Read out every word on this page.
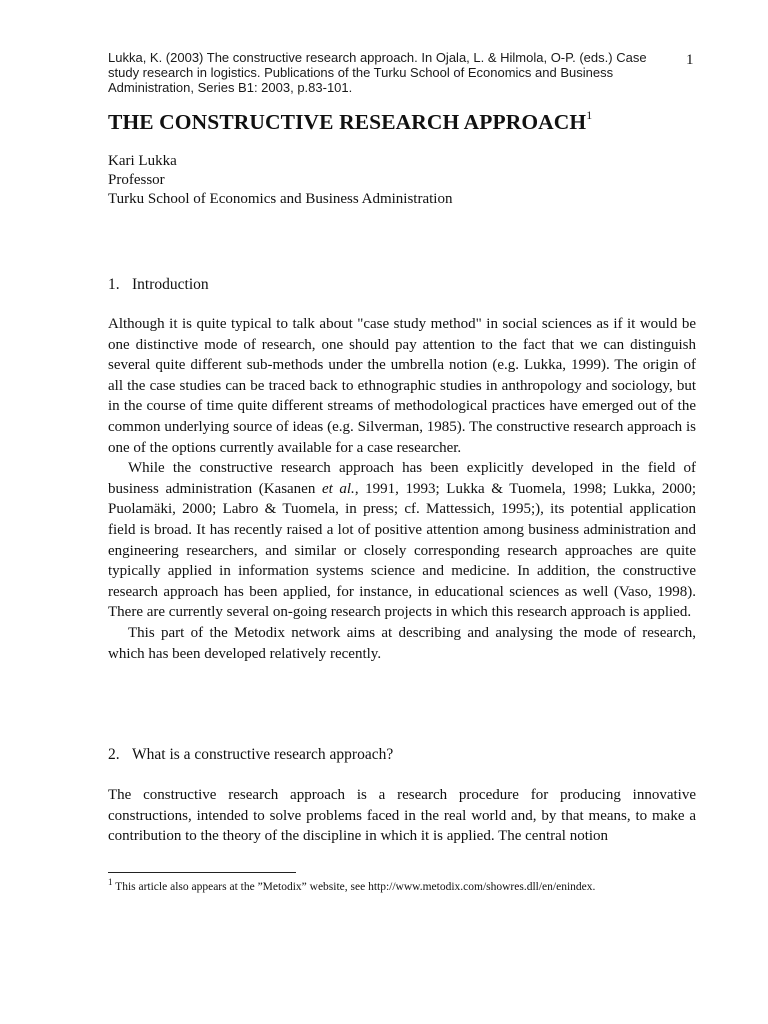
Lukka, K. (2003) The constructive research approach. In Ojala, L. & Hilmola, O-P. (eds.) Case study research in logistics. Publications of the Turku School of Economics and Business Administration, Series B1: 2003, p.83-101.
1
THE CONSTRUCTIVE RESEARCH APPROACH$^1$
Kari Lukka
Professor
Turku School of Economics and Business Administration
1. Introduction

Although it is quite typical to talk about "case study method" in social sciences as if it would be one distinctive mode of research, one should pay attention to the fact that we can distinguish several quite different sub-methods under the umbrella notion (e.g. Lukka, 1999). The origin of all the case studies can be traced back to ethnographic studies in anthropology and sociology, but in the course of time quite different streams of methodological practices have emerged out of the common underlying source of ideas (e.g. Silverman, 1985). The constructive research approach is one of the options currently available for a case researcher.

While the constructive research approach has been explicitly developed in the field of business administration (Kasanen et al., 1991, 1993; Lukka & Tuomela, 1998; Lukka, 2000; Puolamäki, 2000; Labro & Tuomela, in press; cf. Mattessich, 1995;), its potential application field is broad. It has recently raised a lot of positive attention among business administration and engineering researchers, and similar or closely corresponding research approaches are quite typically applied in information systems science and medicine. In addition, the constructive research approach has been applied, for instance, in educational sciences as well (Vaso, 1998). There are currently several on-going research projects in which this research approach is applied.

This part of the Metodix network aims at describing and analysing the mode of research, which has been developed relatively recently.

2. What is a constructive research approach?

The constructive research approach is a research procedure for producing innovative constructions, intended to solve problems faced in the real world and, by that means, to make a contribution to the theory of the discipline in which it is applied. The central notion

$^1$ This article also appears at the ”Metodix” website, see http://www.metodix.com/showres.dll/en/enindex.
